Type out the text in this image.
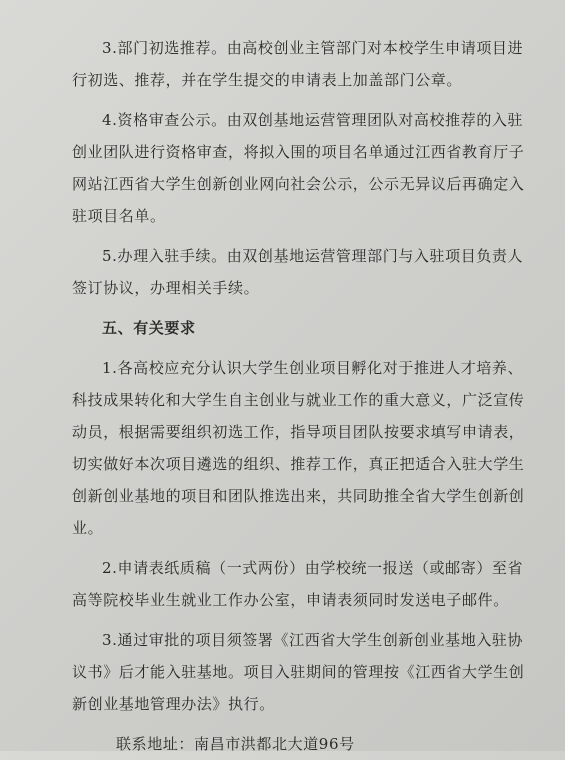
3.部门初选推荐。由高校创业主管部门对本校学生申请项目进行初选、推荐，并在学生提交的申请表上加盖部门公章。

4.资格审查公示。由双创基地运营管理团队对高校推荐的入驻创业团队进行资格审查，将拟入围的项目名单通过江西省教育厅子网站江西省大学生创新创业网向社会公示，公示无异议后再确定入驻项目名单。

5.办理入驻手续。由双创基地运营管理部门与入驻项目负责人签订协议，办理相关手续。

五、有关要求

1.各高校应充分认识大学生创业项目孵化对于推进人才培养、科技成果转化和大学生自主创业与就业工作的重大意义，广泛宣传动员，根据需要组织初选工作，指导项目团队按要求填写申请表，切实做好本次项目遴选的组织、推荐工作，真正把适合入驻大学生创新创业基地的项目和团队推选出来，共同助推全省大学生创新创业。

2.申请表纸质稿（一式两份）由学校统一报送（或邮寄）至省高等院校毕业生就业工作办公室，申请表须同时发送电子邮件。

3.通过审批的项目须签署《江西省大学生创新创业基地入驻协议书》后才能入驻基地。项目入驻期间的管理按《江西省大学生创新创业基地管理办法》执行。

联系地址：南昌市洪都北大道96号
